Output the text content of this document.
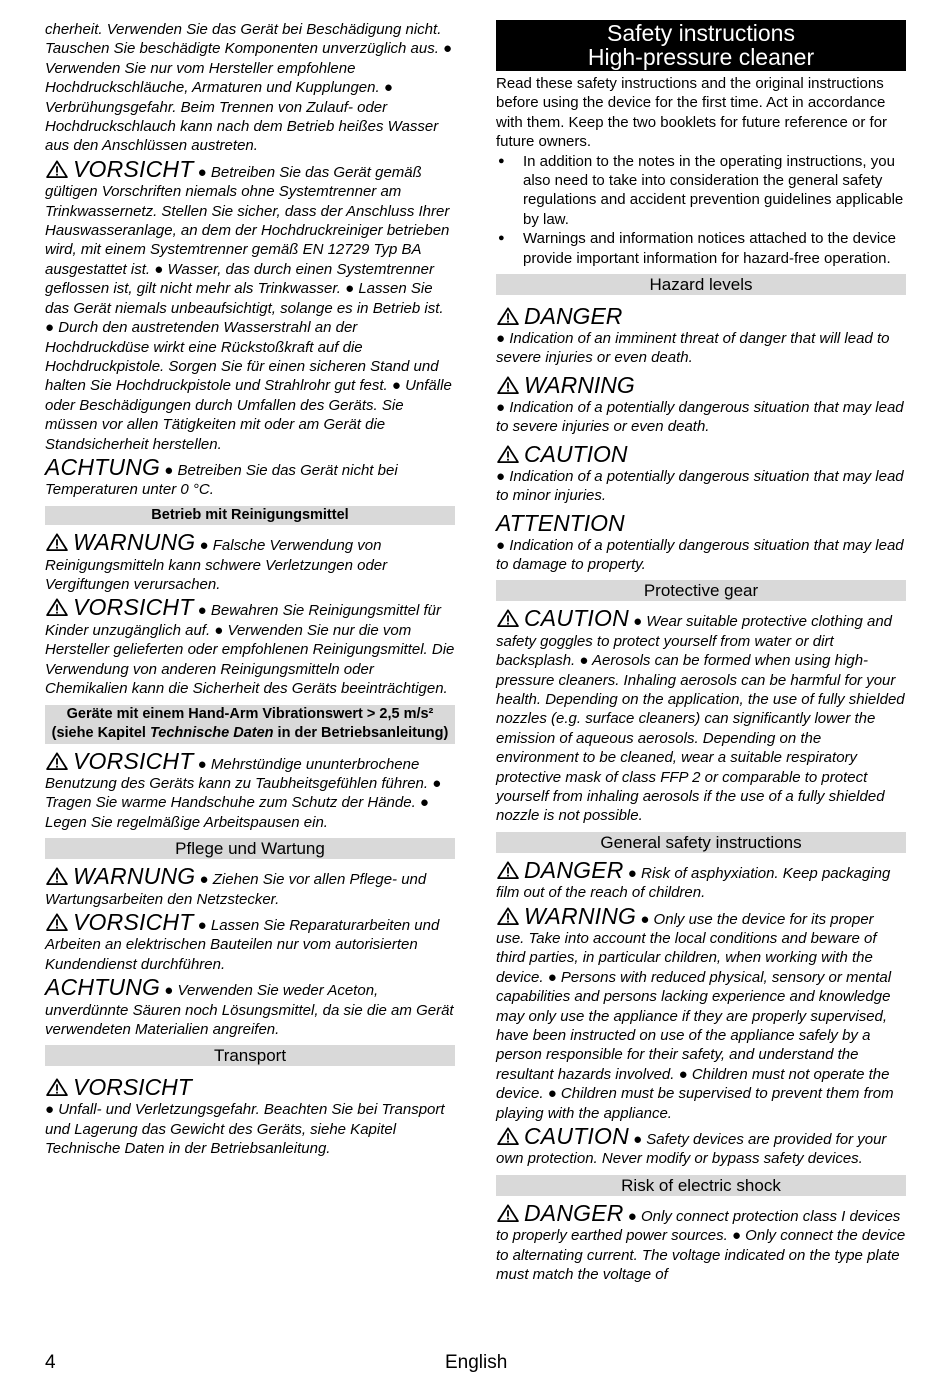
cherheit. Verwenden Sie das Gerät bei Beschädigung nicht. Tauschen Sie beschädigte Komponenten unverzüglich aus. ● Verwenden Sie nur vom Hersteller empfohlene Hochdruckschläuche, Armaturen und Kupplungen. ● Verbrühungsgefahr. Beim Trennen von Zulauf- oder Hochdruckschlauch kann nach dem Betrieb heißes Wasser aus den Anschlüssen austreten.

VORSICHT ● Betreiben Sie das Gerät gemäß gültigen Vorschriften niemals ohne Systemtrenner am Trinkwassernetz. Stellen Sie sicher, dass der Anschluss Ihrer Hauswasseranlage, an dem der Hochdruckreiniger betrieben wird, mit einem Systemtrenner gemäß EN 12729 Typ BA ausgestattet ist. ● Wasser, das durch einen Systemtrenner geflossen ist, gilt nicht mehr als Trinkwasser. ● Lassen Sie das Gerät niemals unbeaufsichtigt, solange es in Betrieb ist. ● Durch den austretenden Wasserstrahl an der Hochdruckdüse wirkt eine Rückstoßkraft auf die Hochdruckpistole. Sorgen Sie für einen sicheren Stand und halten Sie Hochdruckpistole und Strahlrohr gut fest. ● Unfälle oder Beschädigungen durch Umfallen des Geräts. Sie müssen vor allen Tätigkeiten mit oder am Gerät die Standsicherheit herstellen.

ACHTUNG ● Betreiben Sie das Gerät nicht bei Temperaturen unter 0 °C.

Betrieb mit Reinigungsmittel

WARNUNG ● Falsche Verwendung von Reinigungsmitteln kann schwere Verletzungen oder Vergiftungen verursachen.

VORSICHT ● Bewahren Sie Reinigungsmittel für Kinder unzugänglich auf. ● Verwenden Sie nur die vom Hersteller gelieferten oder empfohlenen Reinigungsmittel. Die Verwendung von anderen Reinigungsmitteln oder Chemikalien kann die Sicherheit des Geräts beeinträchtigen.

Geräte mit einem Hand-Arm Vibrationswert > 2,5 m/s² (siehe Kapitel Technische Daten in der Betriebsanleitung)

VORSICHT ● Mehrstündige ununterbrochene Benutzung des Geräts kann zu Taubheitsgefühlen führen. ● Tragen Sie warme Handschuhe zum Schutz der Hände. ● Legen Sie regelmäßige Arbeitspausen ein.

Pflege und Wartung

WARNUNG ● Ziehen Sie vor allen Pflege- und Wartungsarbeiten den Netzstecker.

VORSICHT ● Lassen Sie Reparaturarbeiten und Arbeiten an elektrischen Bauteilen nur vom autorisierten Kundendienst durchführen.

ACHTUNG ● Verwenden Sie weder Aceton, unverdünnte Säuren noch Lösungsmittel, da sie die am Gerät verwendeten Materialien angreifen.

Transport
VORSICHT

● Unfall- und Verletzungsgefahr. Beachten Sie bei Transport und Lagerung das Gewicht des Geräts, siehe Kapitel Technische Daten in der Betriebsanleitung.

Safety instructions
High-pressure cleaner

Read these safety instructions and the original instructions before using the device for the first time. Act in accordance with them. Keep the two booklets for future reference or for future owners.

● In addition to the notes in the operating instructions, you also need to take into consideration the general safety regulations and accident prevention guidelines applicable by law.
● Warnings and information notices attached to the device provide important information for hazard-free operation.
Hazard levels
DANGER

● Indication of an imminent threat of danger that will lead to severe injuries or even death.

WARNING

● Indication of a potentially dangerous situation that may lead to severe injuries or even death.

CAUTION

● Indication of a potentially dangerous situation that may lead to minor injuries.

ATTENTION

● Indication of a potentially dangerous situation that may lead to damage to property.

Protective gear

CAUTION ● Wear suitable protective clothing and safety goggles to protect yourself from water or dirt backsplash. ● Aerosols can be formed when using high-pressure cleaners. Inhaling aerosols can be harmful for your health. Depending on the application, the use of fully shielded nozzles (e.g. surface cleaners) can significantly lower the emission of aqueous aerosols. Depending on the environment to be cleaned, wear a suitable respiratory protective mask of class FFP 2 or comparable to protect yourself from inhaling aerosols if the use of a fully shielded nozzle is not possible.

General safety instructions

DANGER ● Risk of asphyxiation. Keep packaging film out of the reach of children.

WARNING ● Only use the device for its proper use. Take into account the local conditions and beware of third parties, in particular children, when working with the device. ● Persons with reduced physical, sensory or mental capabilities and persons lacking experience and knowledge may only use the appliance if they are properly supervised, have been instructed on use of the appliance safely by a person responsible for their safety, and understand the resultant hazards involved. ● Children must not operate the device. ● Children must be supervised to prevent them from playing with the appliance.

CAUTION ● Safety devices are provided for your own protection. Never modify or bypass safety devices.

Risk of electric shock

DANGER ● Only connect protection class I devices to properly earthed power sources. ● Only connect the device to alternating current. The voltage indicated on the type plate must match the voltage of

4	English
